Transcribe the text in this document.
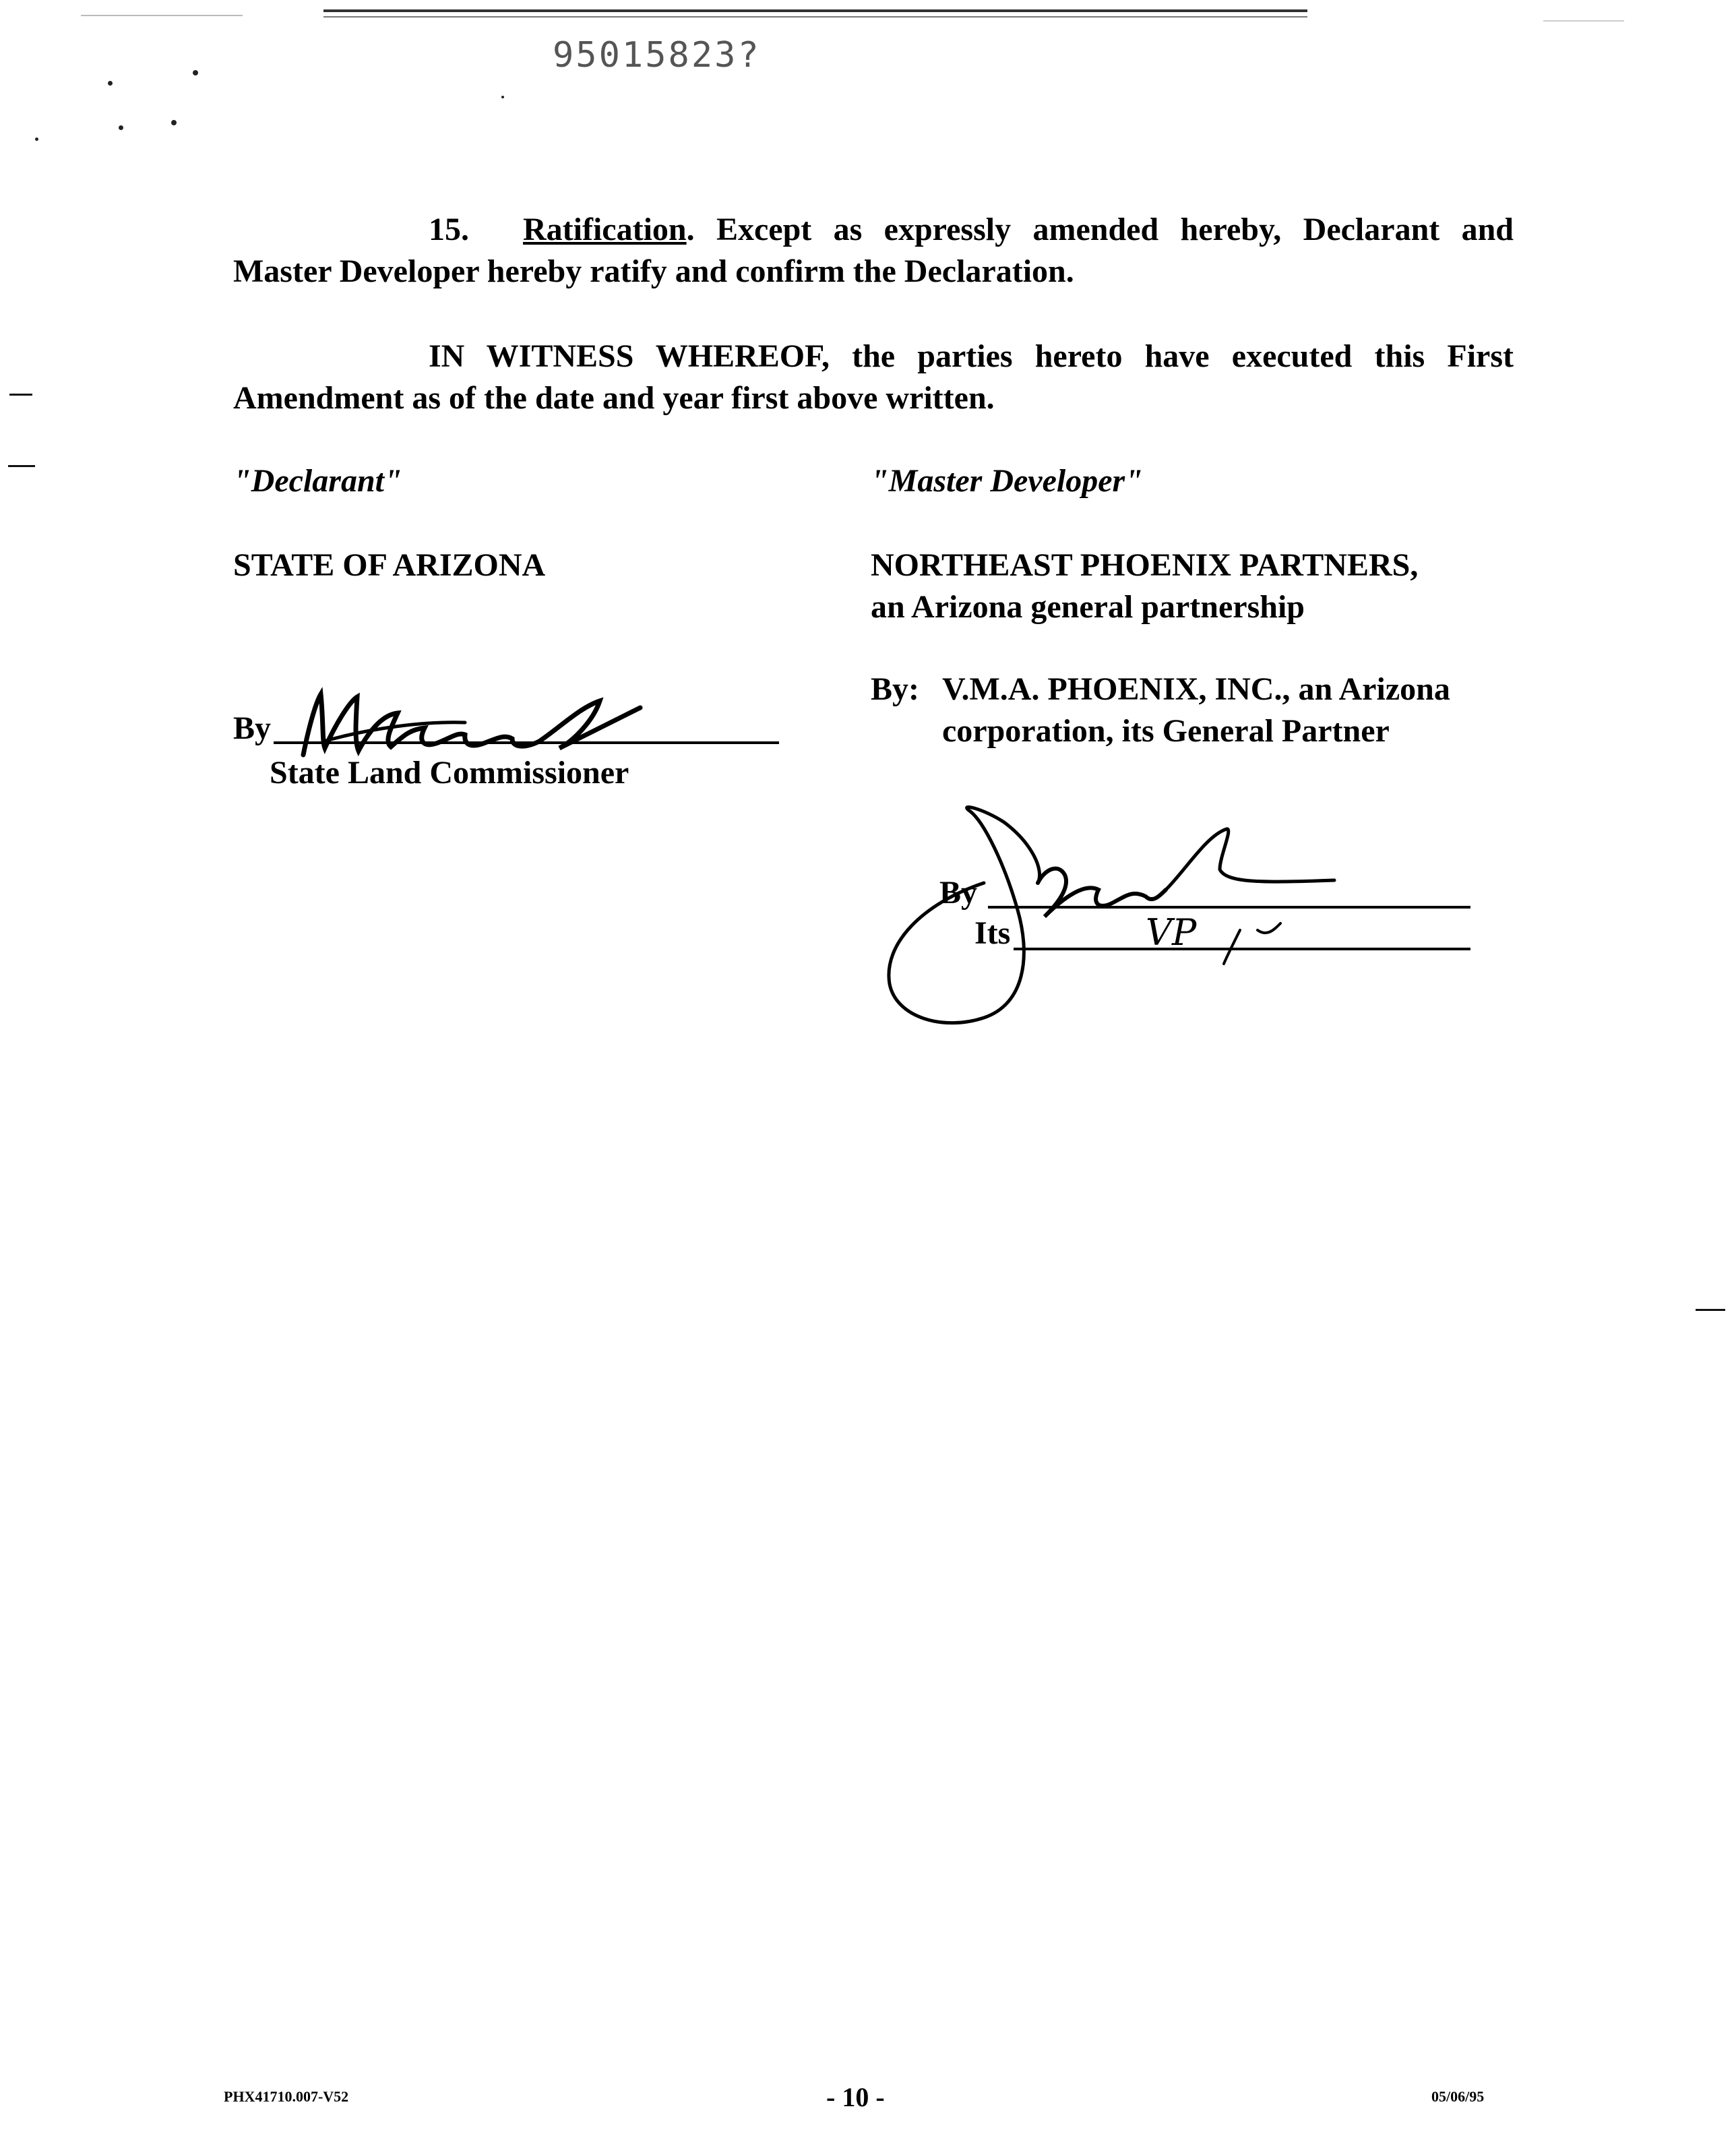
95015823?
15. Ratification. Except as expressly amended hereby, Declarant and Master Developer hereby ratify and confirm the Declaration.
IN WITNESS WHEREOF, the parties hereto have executed this First Amendment as of the date and year first above written.
"Declarant"
STATE OF ARIZONA
By
State Land Commissioner
"Master Developer"
NORTHEAST PHOENIX PARTNERS,
an Arizona general partnership
By: V.M.A. PHOENIX, INC., an Arizona
corporation, its General Partner
By
Its	VP
PHX41710.007-V52	- 10 -	05/06/95
